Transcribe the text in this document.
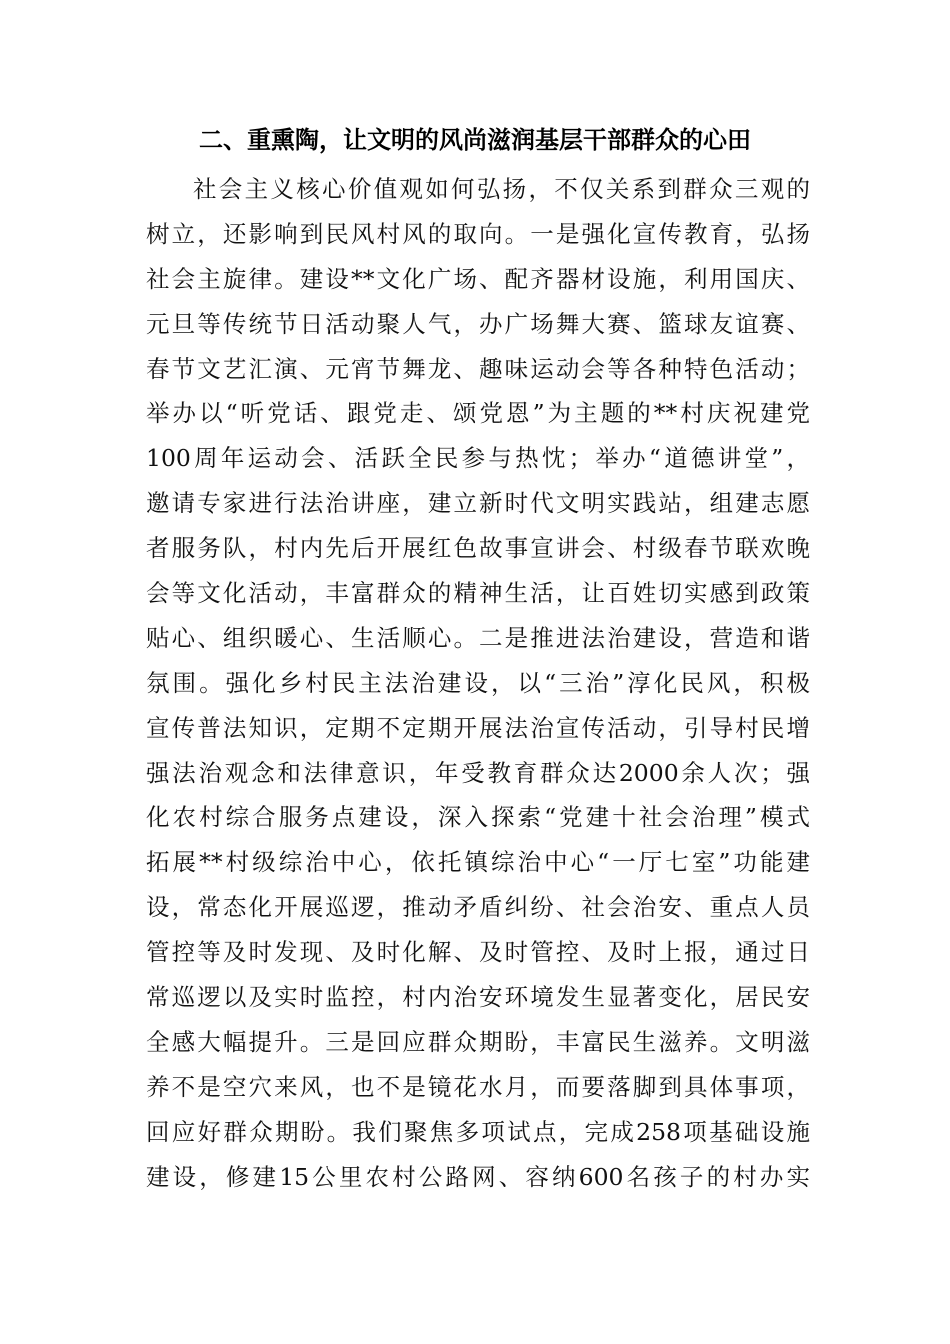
二、重熏陶，让文明的风尚滋润基层干部群众的心田
社会主义核心价值观如何弘扬，不仅关系到群众三观的
树立，还影响到民风村风的取向。一是强化宣传教育，弘扬
社会主旋律。建设**文化广场、配齐器材设施，利用国庆、
元旦等传统节日活动聚人气，办广场舞大赛、篮球友谊赛、
春节文艺汇演、元宵节舞龙、趣味运动会等各种特色活动；
举办以“听党话、跟党走、颂党恩”为主题的**村庆祝建党
100周年运动会、活跃全民参与热忱；举办“道德讲堂”，
邀请专家进行法治讲座，建立新时代文明实践站，组建志愿
者服务队，村内先后开展红色故事宣讲会、村级春节联欢晚
会等文化活动，丰富群众的精神生活，让百姓切实感到政策
贴心、组织暖心、生活顺心。二是推进法治建设，营造和谐
氛围。强化乡村民主法治建设，以“三治”淳化民风，积极
宣传普法知识，定期不定期开展法治宣传活动，引导村民增
强法治观念和法律意识，年受教育群众达2000余人次；强
化农村综合服务点建设，深入探索“党建十社会治理”模式
拓展**村级综治中心，依托镇综治中心“一厅七室”功能建
设，常态化开展巡逻，推动矛盾纠纷、社会治安、重点人员
管控等及时发现、及时化解、及时管控、及时上报，通过日
常巡逻以及实时监控，村内治安环境发生显著变化，居民安
全感大幅提升。三是回应群众期盼，丰富民生滋养。文明滋
养不是空穴来风，也不是镜花水月，而要落脚到具体事项，
回应好群众期盼。我们聚焦多项试点，完成258项基础设施
建设，修建15公里农村公路网、容纳600名孩子的村办实
